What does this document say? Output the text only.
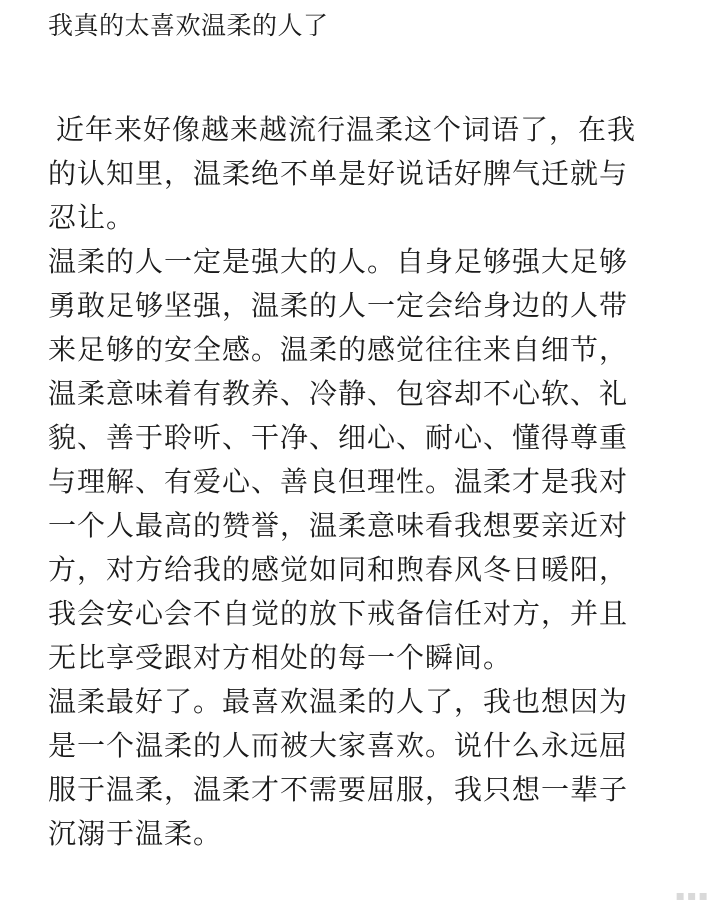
我真的太喜欢温柔的人了
近年来好像越来越流行温柔这个词语了，在我
的认知里，温柔绝不单是好说话好脾气迁就与
忍让。
温柔的人一定是强大的人。自身足够强大足够
勇敢足够坚强，温柔的人一定会给身边的人带
来足够的安全感。温柔的感觉往往来自细节，
温柔意味着有教养、冷静、包容却不心软、礼
貌、善于聆听、干净、细心、耐心、懂得尊重
与理解、有爱心、善良但理性。温柔才是我对
一个人最高的赞誉，温柔意味看我想要亲近对
方，对方给我的感觉如同和煦春风冬日暖阳，
我会安心会不自觉的放下戒备信任对方，并且
无比享受跟对方相处的每一个瞬间。
温柔最好了。最喜欢温柔的人了，我也想因为
是一个温柔的人而被大家喜欢。说什么永远屈
服于温柔，温柔才不需要屈服，我只想一辈子
沉溺于温柔。
▪▪▪
